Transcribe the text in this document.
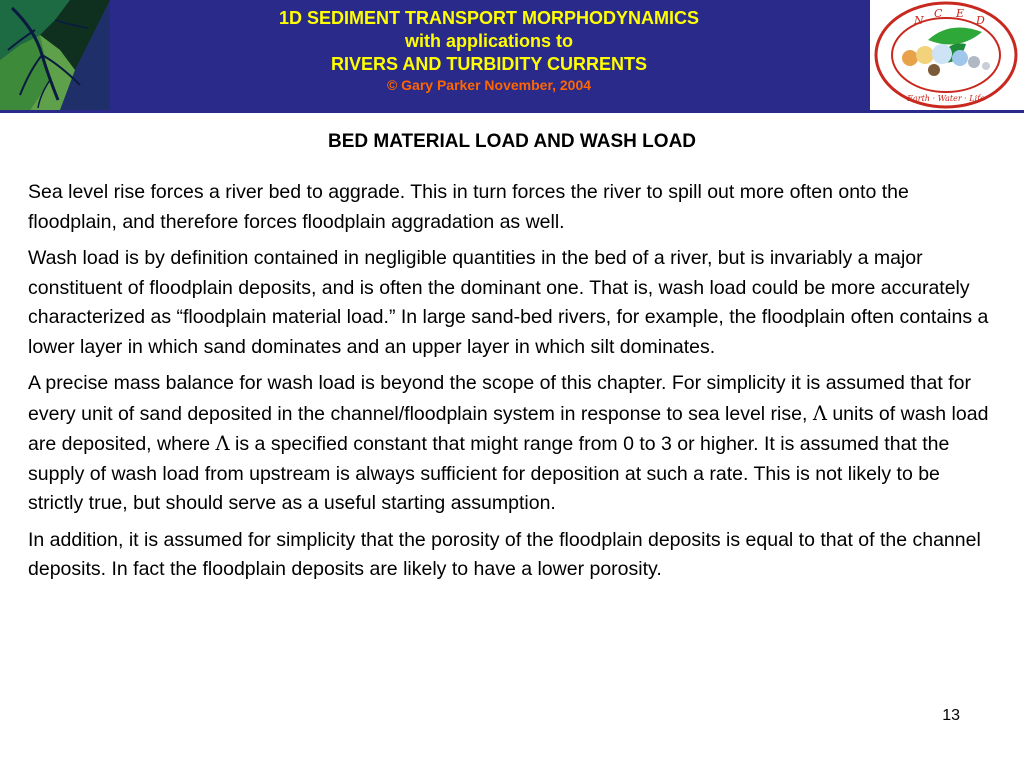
1D SEDIMENT TRANSPORT MORPHODYNAMICS
with applications to
RIVERS AND TURBIDITY CURRENTS
© Gary Parker November, 2004
N
C E
D
Earth · Water · Life
BED MATERIAL LOAD AND WASH LOAD

Sea level rise forces a river bed to aggrade. This in turn forces the river to spill out more often onto the floodplain, and therefore forces floodplain aggradation as well.

Wash load is by definition contained in negligible quantities in the bed of a river, but is invariably a major constituent of floodplain deposits, and is often the dominant one. That is, wash load could be more accurately characterized as “floodplain material load.” In large sand-bed rivers, for example, the floodplain often contains a lower layer in which sand dominates and an upper layer in which silt dominates.

A precise mass balance for wash load is beyond the scope of this chapter. For simplicity it is assumed that for every unit of sand deposited in the channel/floodplain system in response to sea level rise, Λ units of wash load are deposited, where Λ is a specified constant that might range from 0 to 3 or higher. It is assumed that the supply of wash load from upstream is always sufficient for deposition at such a rate. This is not likely to be strictly true, but should serve as a useful starting assumption.

In addition, it is assumed for simplicity that the porosity of the floodplain deposits is equal to that of the channel deposits. In fact the floodplain deposits are likely to have a lower porosity.

13
